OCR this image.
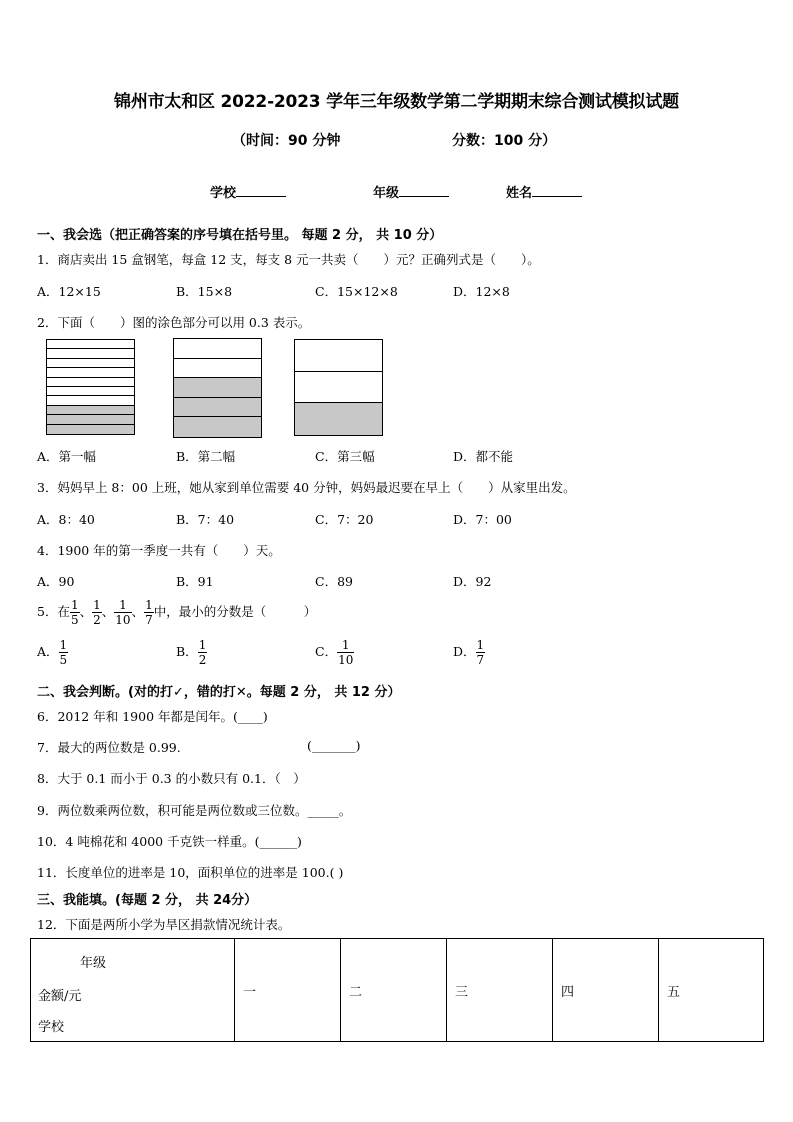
锦州市太和区 2022-2023 学年三年级数学第二学期期末综合测试模拟试题
（时间：90 分钟	分数：100 分）
学校	年级	姓名
一、我会选（把正确答案的序号填在括号里。 每题 2 分， 共 10 分）
1．商店卖出 15 盒钢笔，每盒 12 支，每支 8 元一共卖（　　）元？正确列式是（　　）。
A．12×15	B．15×8	C．15×12×8	D．12×8
2．下面（　　）图的涂色部分可以用 0.3 表示。
A．第一幅	B．第二幅	C．第三幅	D．都不能
3．妈妈早上 8：00 上班，她从家到单位需要 40 分钟，妈妈最迟要在早上（　　）从家里出发。
A．8：40	B．7：40	C．7：20	D．7：00
4．1900 年的第一季度一共有（　　）天。
A．90	B．91	C．89	D．92
5．在 $\frac{1}{5}$ 、 $\frac{1}{2}$ 、 $\frac{1}{10}$ 、 $\frac{1}{7}$ 中，最小的分数是（　　　）
A． $\frac{1}{5}$	B． $\frac{1}{2}$	C． $\frac{1}{10}$	D． $\frac{1}{7}$
二、我会判断。(对的打✓，错的打✕。每题 2 分， 共 12 分）
6．2012 年和 1900 年都是闰年。(____)
7．最大的两位数是 0.99.	(_______)
8．大于 0.1 而小于 0.3 的小数只有 0.1．（　）
9．两位数乘两位数，积可能是两位数或三位数。_____。
10．4 吨棉花和 4000 千克铁一样重。(______)
11．长度单位的进率是 10，面积单位的进率是 100.( )
三、我能填。(每题 2 分， 共 24分）
12．下面是两所小学为旱区捐款情况统计表。
年级
金额/元
学校
	一	二	三	四	五
